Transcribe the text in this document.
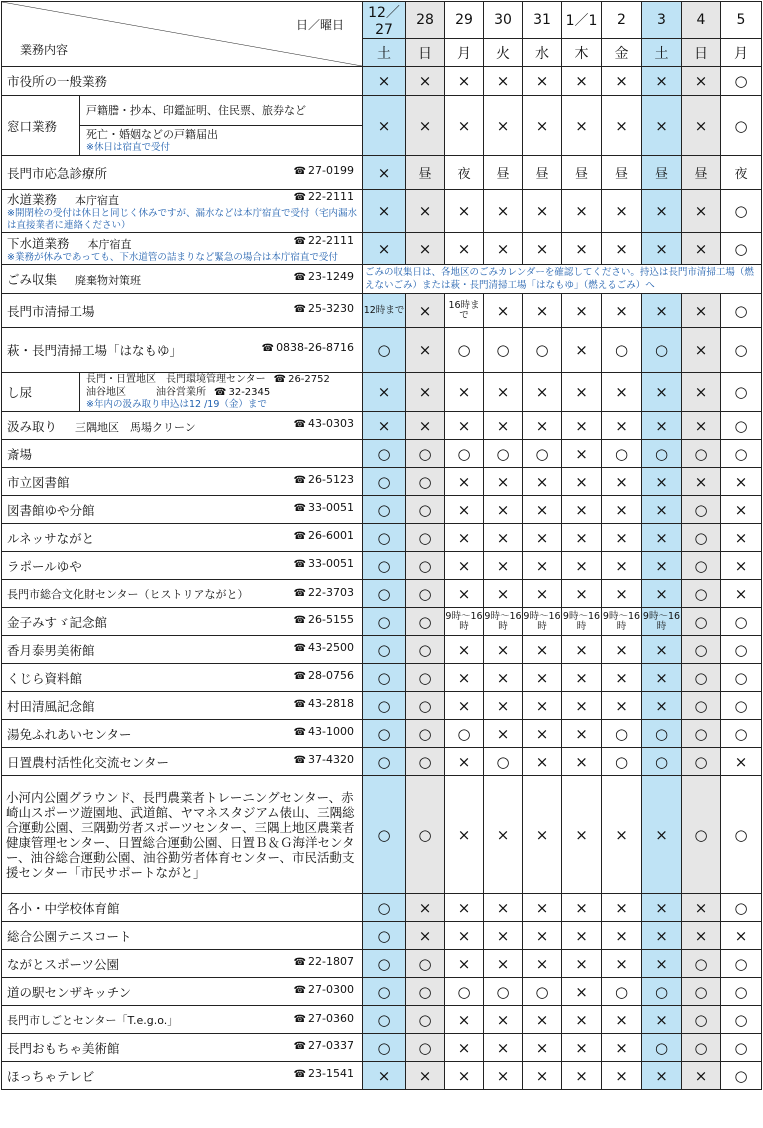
日／曜日
業務内容		12／27	28	29	30	31	1／1	2	3	4	5
		土	日	月	火	水	木	金	土	日	月
市役所の一般業務		×	×	×	×	×	×	×	×	×	○
窓口業務	戸籍謄・抄本、印鑑証明、住民票、旅券など	×	×	×	×	×	×	×	×	×	○

	死亡・婚姻などの戸籍届出
※休日は宿直で受付										

長門市応急診療所 ☎ 27-0199		×	昼	夜	昼	昼	昼	昼	昼	昼	夜

水道業務 本庁宿直 ☎ 22-2111
※開閉栓の受付は休日と同じく休みですが、漏水などは本庁宿直で受付（宅内漏水は直接業者に連絡ください）		×	×	×	×	×	×	×	×	×	○

下水道業務 本庁宿直 ☎ 22-2111
※業務が休みであっても、下水道管の詰まりなど緊急の場合は本庁宿直で受付		×	×	×	×	×	×	×	×	×	○
ごみ収集 廃棄物対策班 ☎ 23-1249		ごみの収集日は、各地区のごみカレンダーを確認してください。持込は長門市清掃工場（燃えないごみ）または萩・長門清掃工場「はなもゆ」（燃えるごみ）へ									
長門市清掃工場 ☎ 25-3230		12時まで	×	16時まで	×	×	×	×	×	×	○
萩・長門清掃工場「はなもゆ」 ☎ 0838-26-8716		○	×	○	○	○	×	○	○	×	○
し尿	長門・日置地区　長門環境管理センター ☎ 26-2752
油谷地区　　　油谷営業所 ☎ 32-2345
※年内の汲み取り申込は12 /19（金）まで	×	×	×	×	×	×	×	×	×	○
汲み取り 三隅地区　馬場クリーン ☎ 43-0303		×	×	×	×	×	×	×	×	×	○
斎場		○	○	○	○	○	×	○	○	○	○
市立図書館 ☎ 26-5123		○	○	×	×	×	×	×	×	×	×
図書館ゆや分館 ☎ 33-0051		○	○	×	×	×	×	×	×	○	×
ルネッサながと ☎ 26-6001		○	○	×	×	×	×	×	×	○	×
ラポールゆや ☎ 33-0051		○	○	×	×	×	×	×	×	○	×
長門市総合文化財センター（ヒストリアながと） ☎ 22-3703		○	○	×	×	×	×	×	×	○	×
金子みすゞ記念館 ☎ 26-5155		○	○	9時～16時	9時～16時	9時～16時	9時～16時	9時～16時	9時～16時	○	○
香月泰男美術館 ☎ 43-2500		○	○	×	×	×	×	×	×	○	○
くじら資料館 ☎ 28-0756		○	○	×	×	×	×	×	×	○	○
村田清風記念館 ☎ 43-2818		○	○	×	×	×	×	×	×	○	○
湯免ふれあいセンター ☎ 43-1000		○	○	○	×	×	×	○	○	○	○
日置農村活性化交流センター ☎ 37-4320		○	○	×	○	×	×	○	○	○	×
小河内公園グラウンド、長門農業者トレーニングセンター、赤崎山スポーツ遊園地、武道館、ヤマネスタジアム俵山、三隅総合運動公園、三隅勤労者スポーツセンター、三隅上地区農業者健康管理センター、日置総合運動公園、日置Ｂ＆Ｇ海洋センター、油谷総合運動公園、油谷勤労者体育センター、市民活動支援センター「市民サポートながと」		○	○	×	×	×	×	×	×	○	○
各小・中学校体育館		○	×	×	×	×	×	×	×	×	○
総合公園テニスコート		○	×	×	×	×	×	×	×	×	×
ながとスポーツ公園 ☎ 22-1807		○	○	×	×	×	×	×	×	○	○
道の駅センザキッチン ☎ 27-0300		○	○	○	○	○	×	○	○	○	○
長門市しごとセンター「T.e.g.o.」 ☎ 27-0360		○	○	×	×	×	×	×	×	○	○
長門おもちゃ美術館 ☎ 27-0337		○	○	×	×	×	×	×	○	○	○
ほっちゃテレビ ☎ 23-1541		×	×	×	×	×	×	×	×	×	○
